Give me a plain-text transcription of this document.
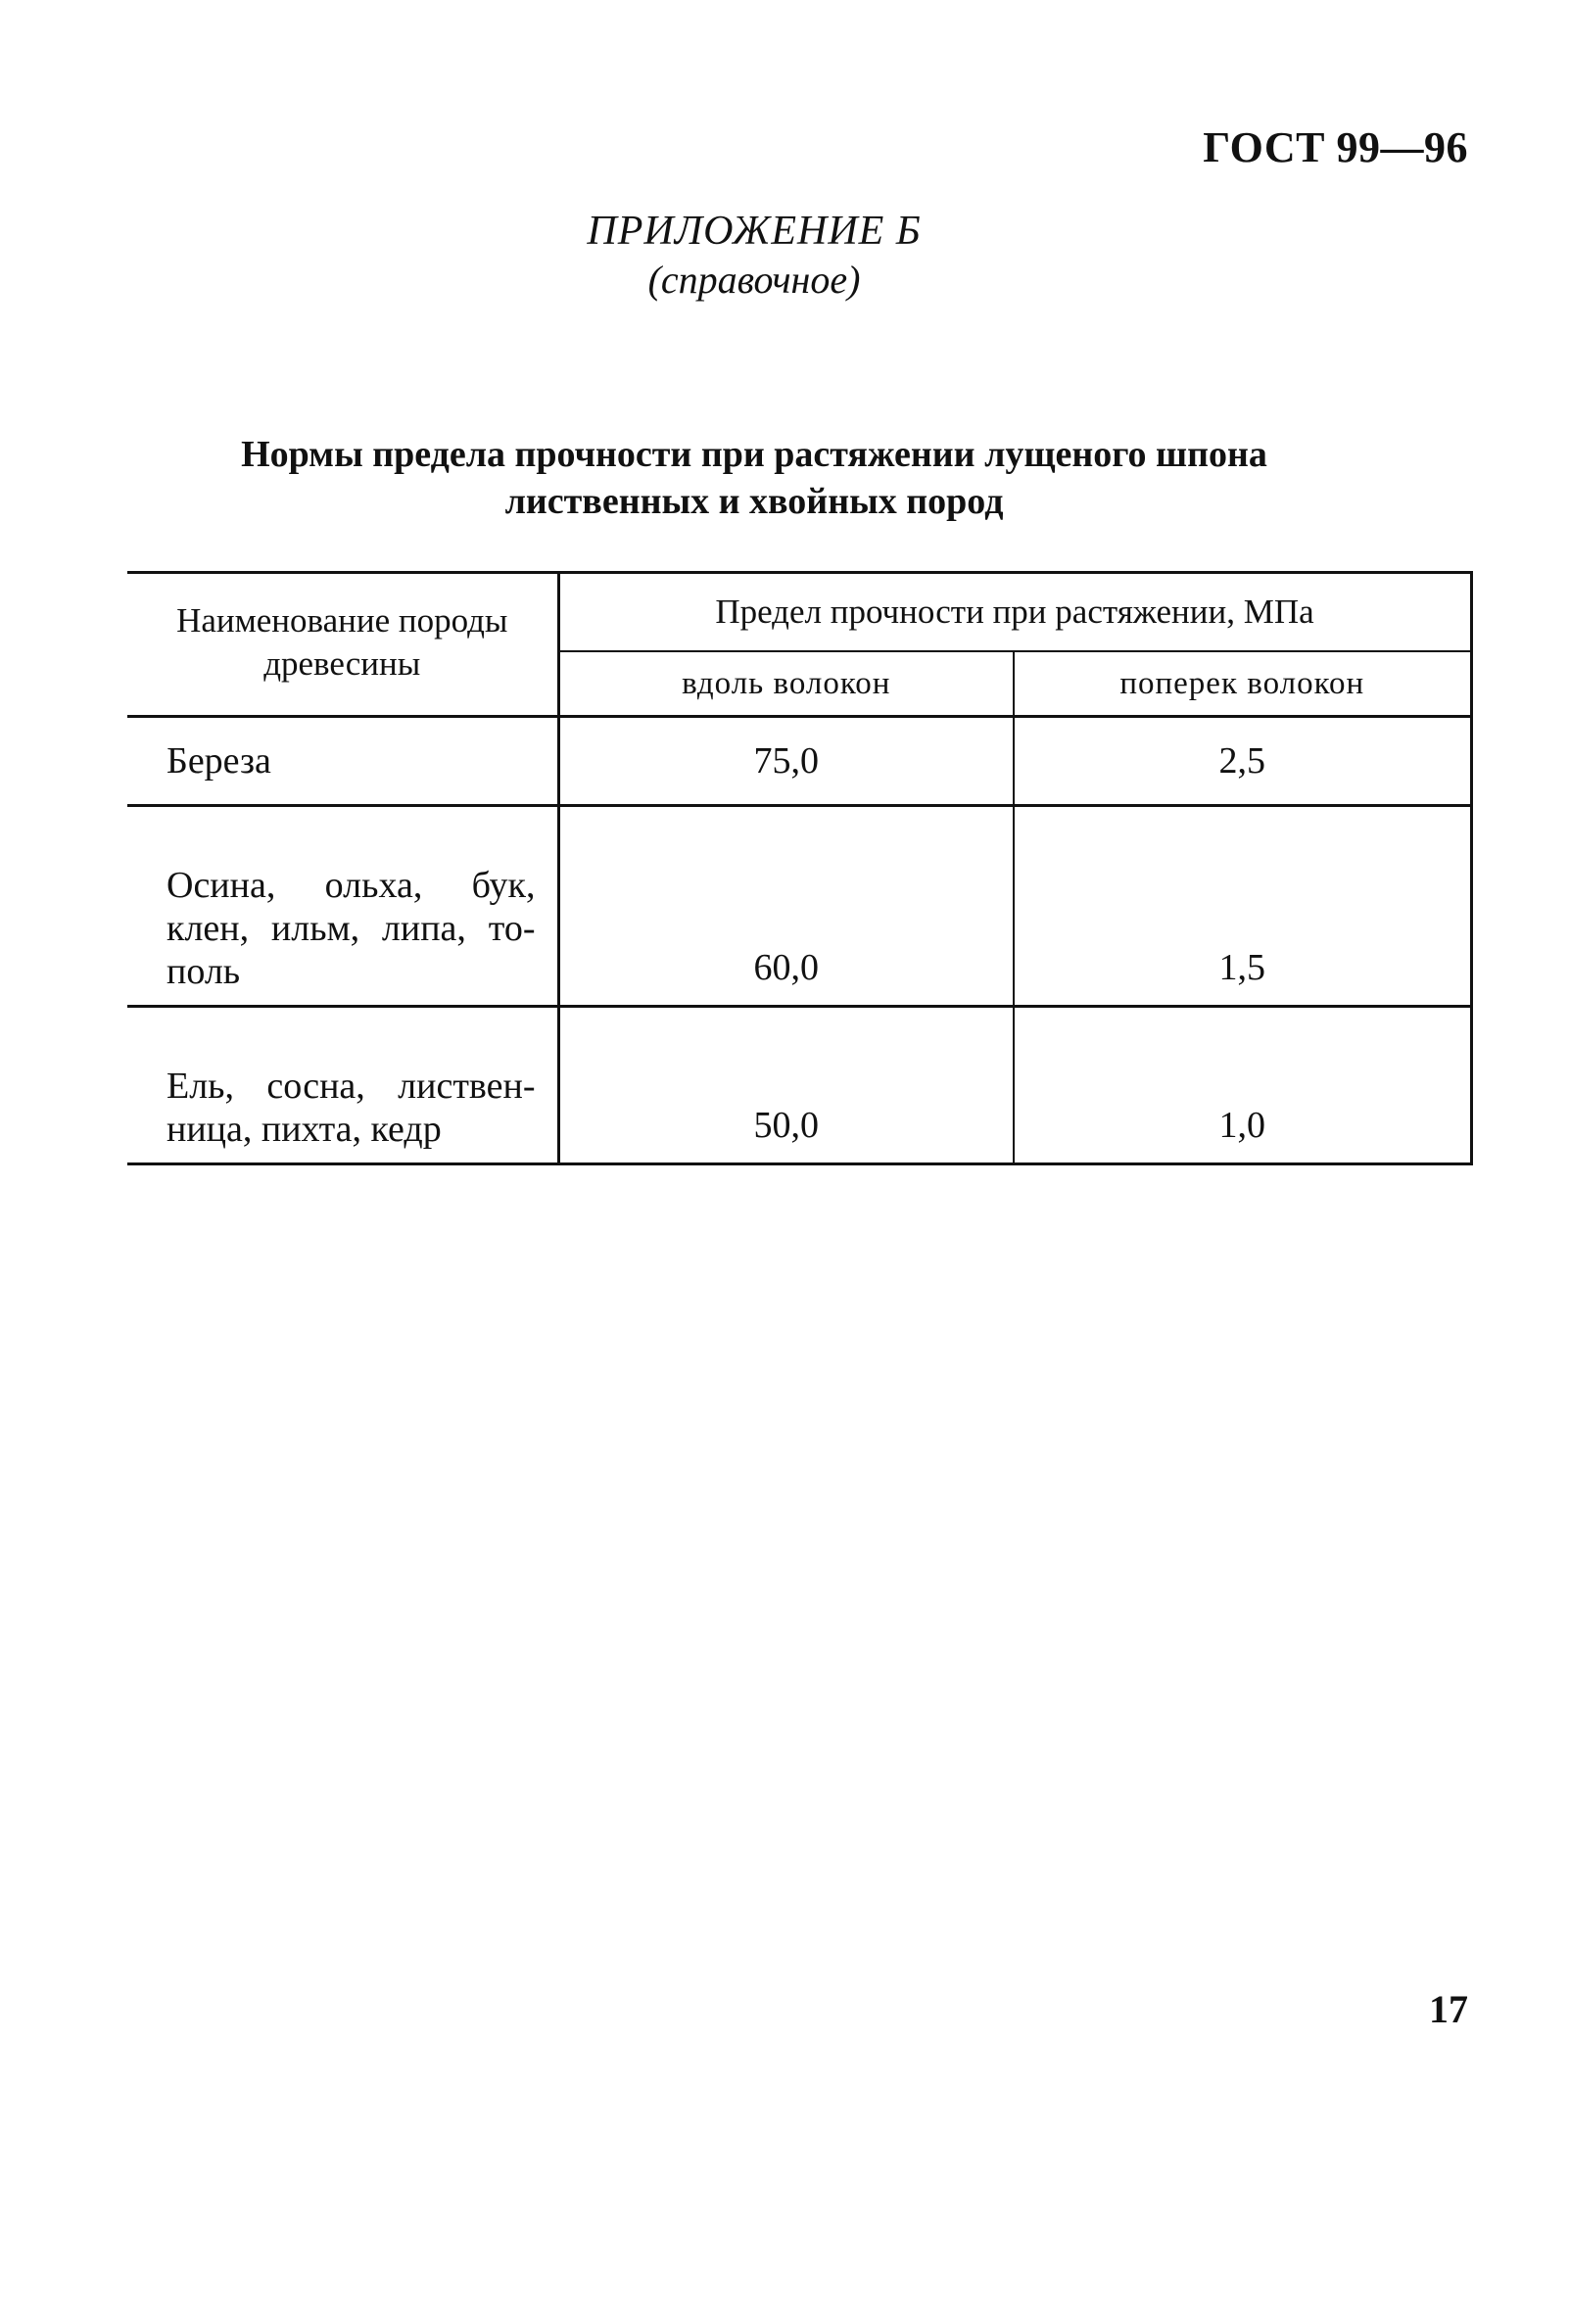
ГОСТ 99—96
ПРИЛОЖЕНИЕ Б
(справочное)
Нормы предела прочности при растяжении лущеного шпона
лиственных и хвойных пород
Наименование породы древесины	Предел прочности при растяжении, МПа	
	вдоль волокон	поперек волокон
Береза	75,0	2,5
Осина, ольха, бук, клен, ильм, липа, то-поль	60,0	1,5
Ель, сосна, листвен-ница, пихта, кедр	50,0	1,0
17
